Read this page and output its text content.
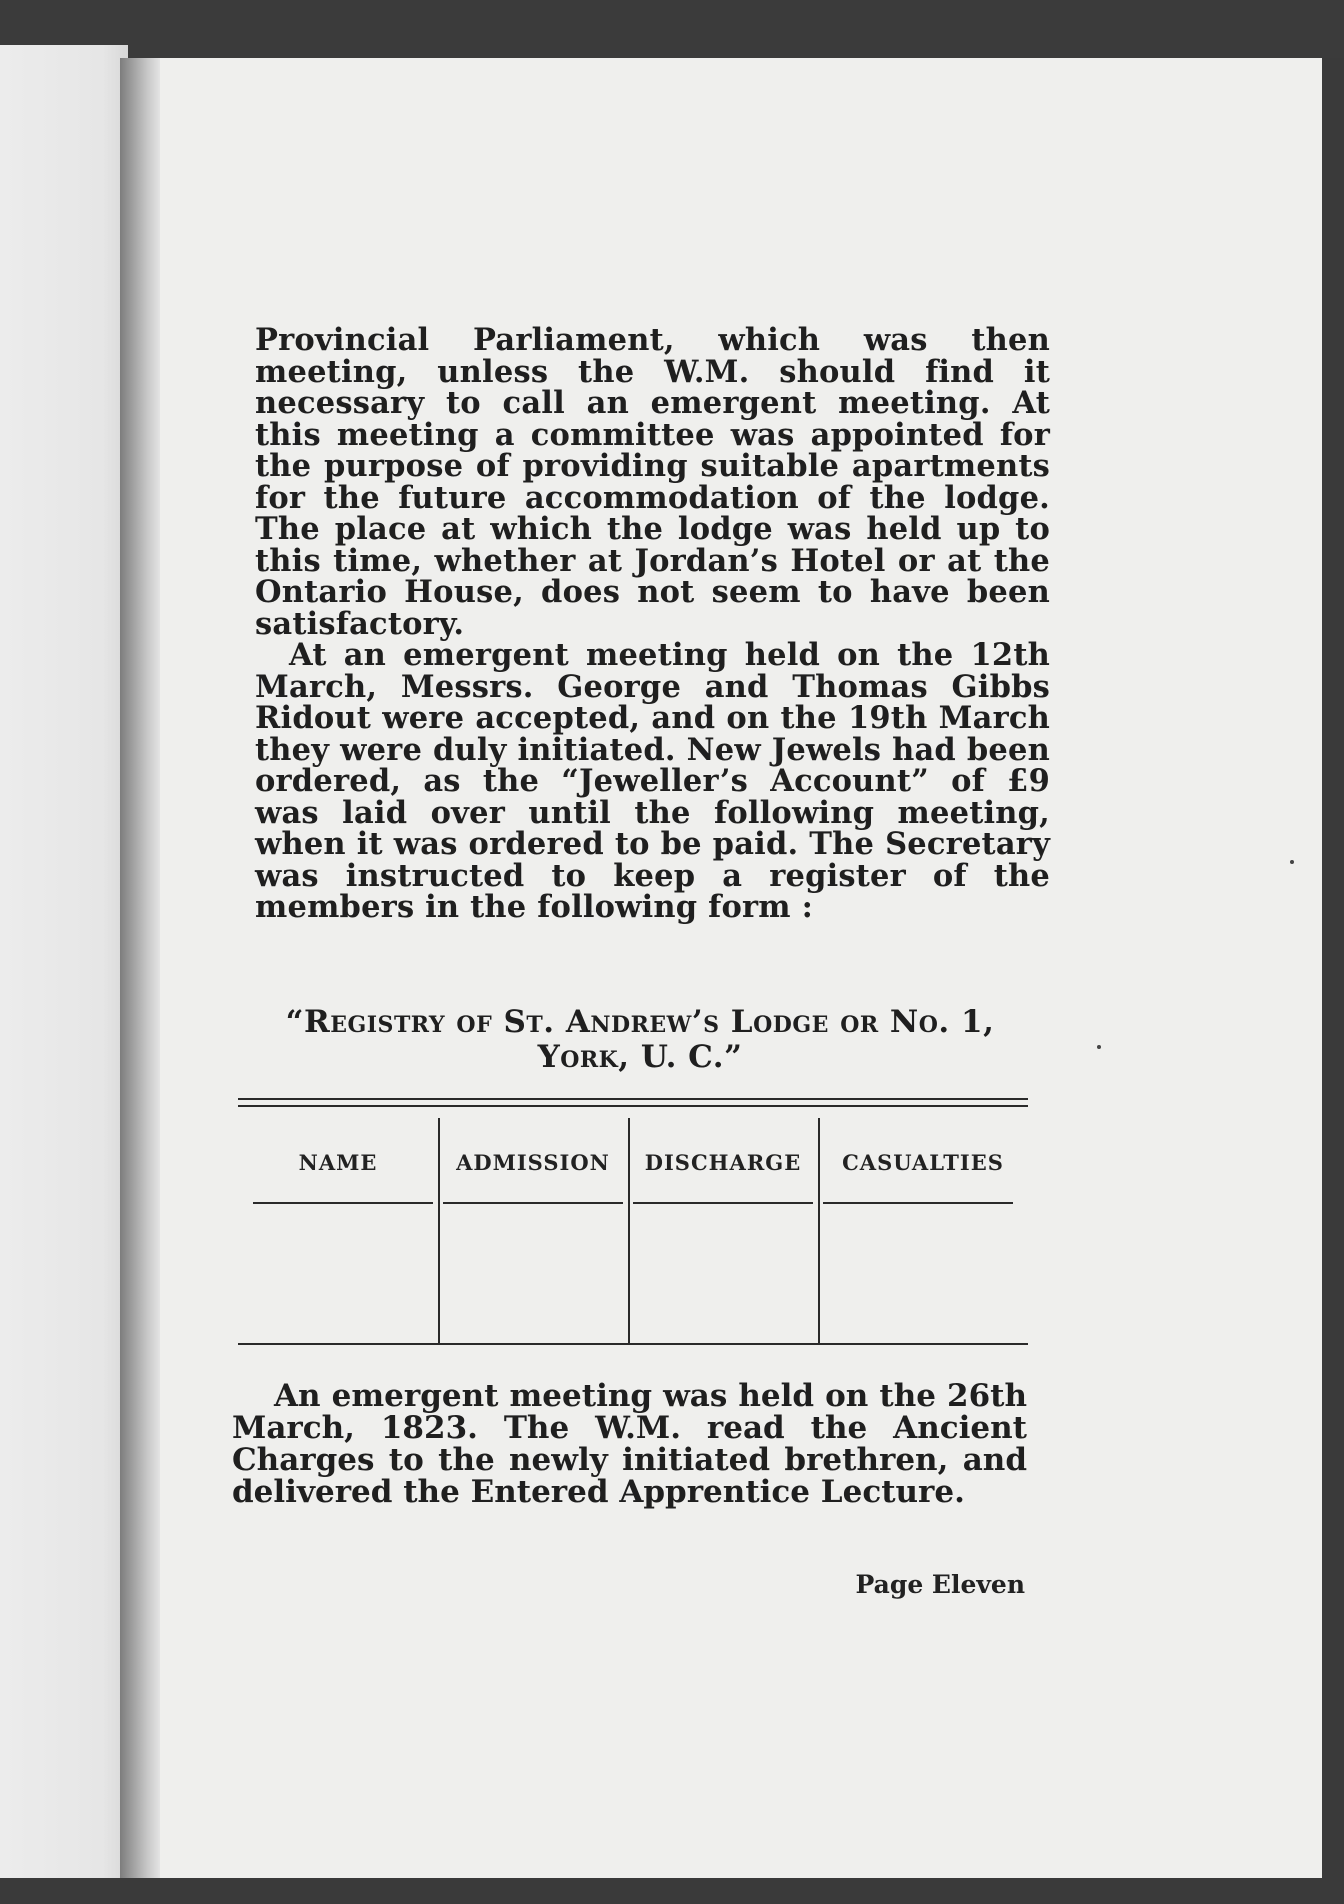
Provincial Parliament, which was then meeting, unless the W.M. should find it necessary to call an emergent meeting. At this meeting a committee was appointed for the purpose of providing suitable apartments for the future accommodation of the lodge. The place at which the lodge was held up to this time, whether at Jordan’s Hotel or at the Ontario House, does not seem to have been satisfactory.

At an emergent meeting held on the 12th March, Messrs. George and Thomas Gibbs Ridout were accepted, and on the 19th March they were duly initiated. New Jewels had been ordered, as the “Jeweller’s Account” of £9 was laid over until the following meeting, when it was ordered to be paid. The Secretary was instructed to keep a register of the members in the following form :

“Registry of St. Andrew’s Lodge or No. 1,
York, U. C.”
NAME	ADMISSION	DISCHARGE	CASUALTIES

An emergent meeting was held on the 26th March, 1823. The W.M. read the Ancient Charges to the newly initiated brethren, and delivered the Entered Apprentice Lecture.

Page Eleven
